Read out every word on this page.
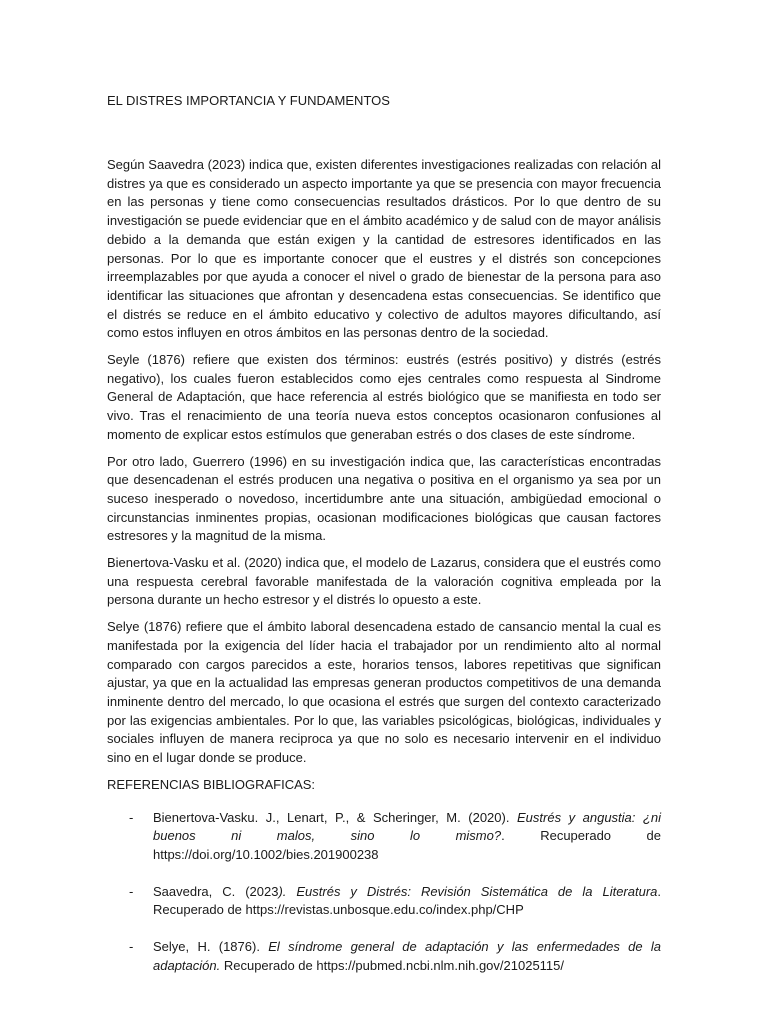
EL DISTRES IMPORTANCIA Y FUNDAMENTOS

Según Saavedra (2023) indica que, existen diferentes investigaciones realizadas con relación al distres ya que es considerado un aspecto importante ya que se presencia con mayor frecuencia en las personas y tiene como consecuencias resultados drásticos. Por lo que dentro de su investigación se puede evidenciar que en el ámbito académico y de salud con de mayor análisis debido a la demanda que están exigen y la cantidad de estresores identificados en las personas. Por lo que es importante conocer que el eustres y el distrés son concepciones irreemplazables por que ayuda a conocer el nivel o grado de bienestar de la persona para aso identificar las situaciones que afrontan y desencadena estas consecuencias. Se identifico que el distrés se reduce en el ámbito educativo y colectivo de adultos mayores dificultando, así como estos influyen en otros ámbitos en las personas dentro de la sociedad.

Seyle (1876) refiere que existen dos términos: eustrés (estrés positivo) y distrés (estrés negativo), los cuales fueron establecidos como ejes centrales como respuesta al Sindrome General de Adaptación, que hace referencia al estrés biológico que se manifiesta en todo ser vivo. Tras el renacimiento de una teoría nueva estos conceptos ocasionaron confusiones al momento de explicar estos estímulos que generaban estrés o dos clases de este síndrome.

Por otro lado, Guerrero (1996) en su investigación indica que, las características encontradas que desencadenan el estrés producen una negativa o positiva en el organismo ya sea por un suceso inesperado o novedoso, incertidumbre ante una situación, ambigüedad emocional o circunstancias inminentes propias, ocasionan modificaciones biológicas que causan factores estresores y la magnitud de la misma.

Bienertova-Vasku et al. (2020) indica que, el modelo de Lazarus, considera que el eustrés como una respuesta cerebral favorable manifestada de la valoración cognitiva empleada por la persona durante un hecho estresor y el distrés lo opuesto a este.

Selye (1876) refiere que el ámbito laboral desencadena estado de cansancio mental la cual es manifestada por la exigencia del líder hacia el trabajador por un rendimiento alto al normal comparado con cargos parecidos a este, horarios tensos, labores repetitivas que significan ajustar, ya que en la actualidad las empresas generan productos competitivos de una demanda inminente dentro del mercado, lo que ocasiona el estrés que surgen del contexto caracterizado por las exigencias ambientales. Por lo que, las variables psicológicas, biológicas, individuales y sociales influyen de manera reciproca ya que no solo es necesario intervenir en el individuo sino en el lugar donde se produce.

REFERENCIAS BIBLIOGRAFICAS:
- Bienertova-Vasku. J., Lenart, P., & Scheringer, M. (2020). Eustrés y angustia: ¿ni buenos ni malos, sino lo mismo?. Recuperado de https://doi.org/10.1002/bies.201900238
- Saavedra, C. (2023). Eustrés y Distrés: Revisión Sistemática de la Literatura. Recuperado de https://revistas.unbosque.edu.co/index.php/CHP
- Selye, H. (1876). El síndrome general de adaptación y las enfermedades de la adaptación. Recuperado de https://pubmed.ncbi.nlm.nih.gov/21025115/
